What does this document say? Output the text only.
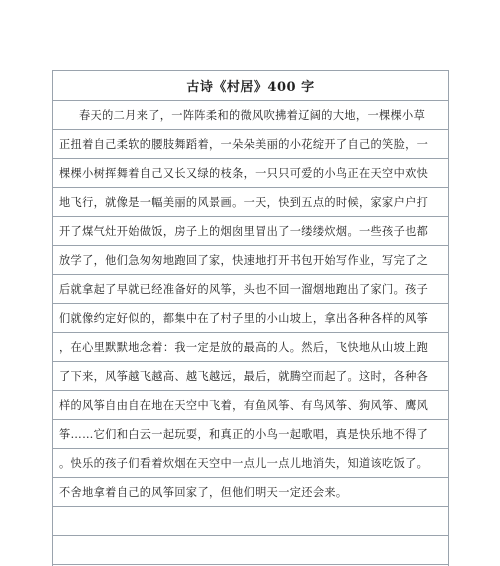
古诗《村居》400 字
春天的二月来了，一阵阵柔和的微风吹拂着辽阔的大地，一棵棵小草
正扭着自己柔软的腰肢舞蹈着，一朵朵美丽的小花绽开了自己的笑脸，一
棵棵小树挥舞着自己又长又绿的枝条，一只只可爱的小鸟正在天空中欢快
地飞行，就像是一幅美丽的风景画。一天，快到五点的时候，家家户户打
开了煤气灶开始做饭，房子上的烟囱里冒出了一缕缕炊烟。一些孩子也都
放学了，他们急匆匆地跑回了家，快速地打开书包开始写作业，写完了之
后就拿起了早就已经准备好的风筝，头也不回一溜烟地跑出了家门。孩子
们就像约定好似的，都集中在了村子里的小山坡上，拿出各种各样的风筝
，在心里默默地念着：我一定是放的最高的人。然后，飞快地从山坡上跑
了下来，风筝越飞越高、越飞越远，最后，就腾空而起了。这时，各种各
样的风筝自由自在地在天空中飞着，有鱼风筝、有鸟风筝、狗风筝、鹰风
筝……它们和白云一起玩耍，和真正的小鸟一起歌唱，真是快乐地不得了
。快乐的孩子们看着炊烟在天空中一点儿一点儿地消失，知道该吃饭了。
不舍地拿着自己的风筝回家了，但他们明天一定还会来。
